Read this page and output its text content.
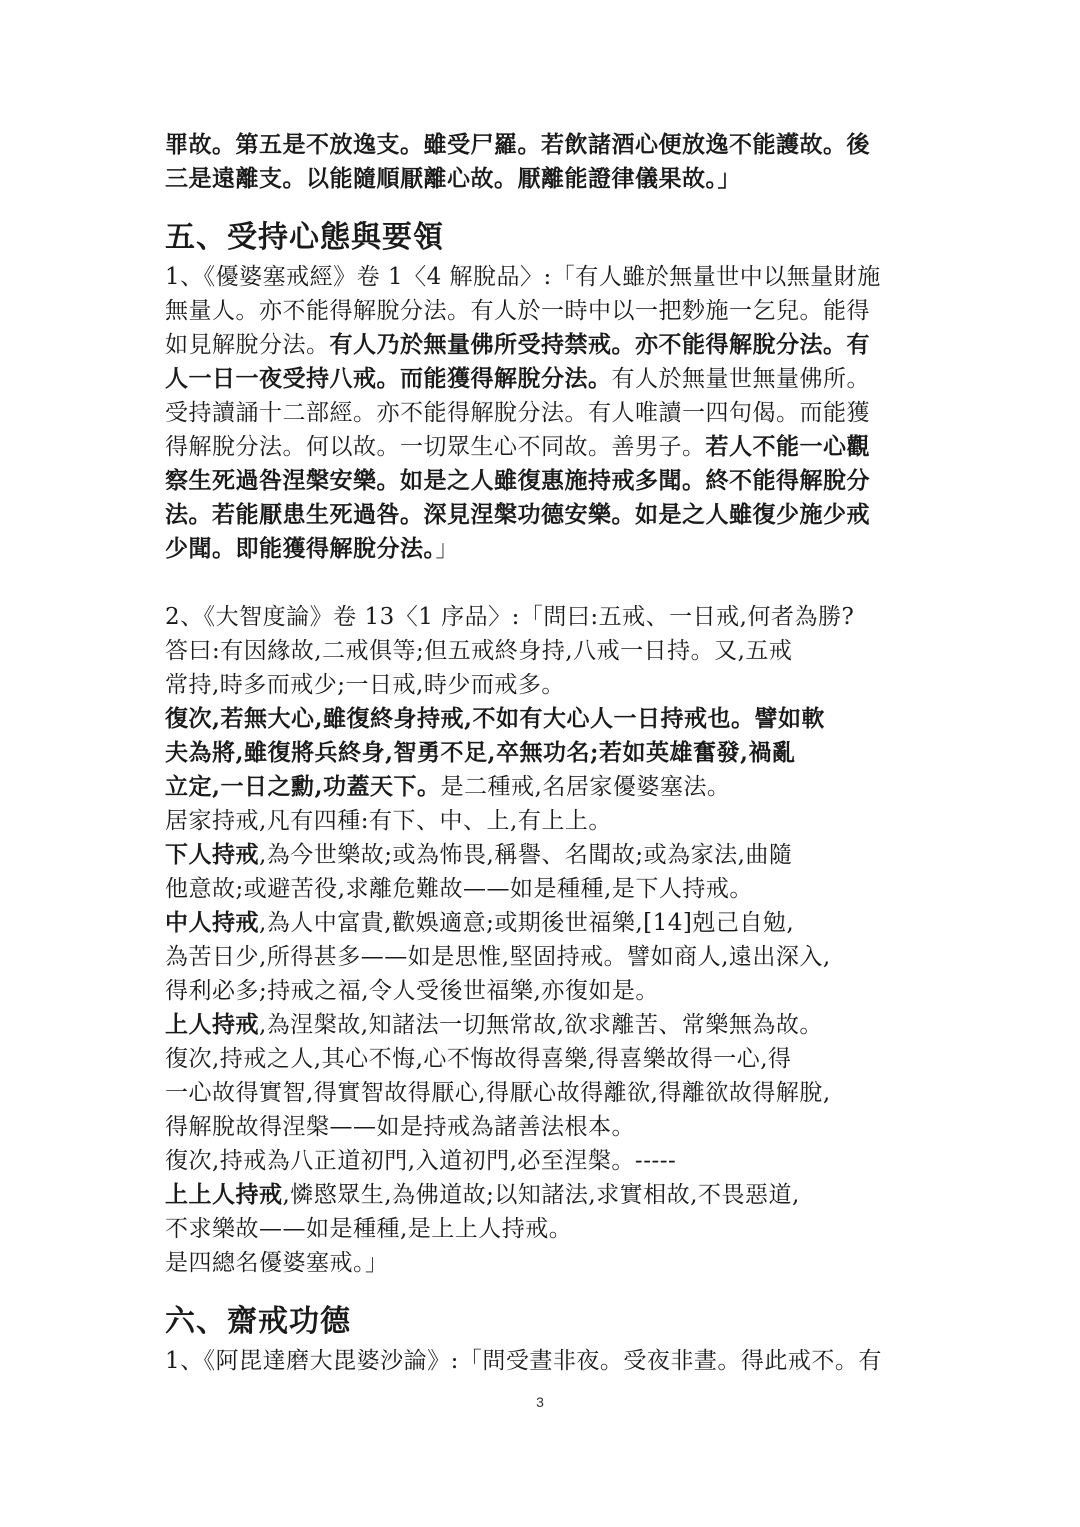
罪故。第五是不放逸支。雖受尸羅。若飲諸酒心便放逸不能護故。後
三是遠離支。以能隨順厭離心故。厭離能證律儀果故。」
五、受持心態與要領
1、《優婆塞戒經》卷 1〈4 解脫品〉:「有人雖於無量世中以無量財施
無量人。亦不能得解脫分法。有人於一時中以一把麨施一乞兒。能得
如見解脫分法。有人乃於無量佛所受持禁戒。亦不能得解脫分法。有
人一日一夜受持八戒。而能獲得解脫分法。有人於無量世無量佛所。
受持讀誦十二部經。亦不能得解脫分法。有人唯讀一四句偈。而能獲
得解脫分法。何以故。一切眾生心不同故。善男子。若人不能一心觀
察生死過咎涅槃安樂。如是之人雖復惠施持戒多聞。終不能得解脫分
法。若能厭患生死過咎。深見涅槃功德安樂。如是之人雖復少施少戒
少聞。即能獲得解脫分法。」
2、《大智度論》卷 13〈1 序品〉:「問曰:五戒、一日戒,何者為勝?
答曰:有因緣故,二戒俱等;但五戒終身持,八戒一日持。又,五戒
常持,時多而戒少;一日戒,時少而戒多。
復次,若無大心,雖復終身持戒,不如有大心人一日持戒也。譬如軟
夫為將,雖復將兵終身,智勇不足,卒無功名;若如英雄奮發,禍亂
立定,一日之勳,功蓋天下。是二種戒,名居家優婆塞法。
居家持戒,凡有四種:有下、中、上,有上上。
下人持戒,為今世樂故;或為怖畏,稱譽、名聞故;或為家法,曲隨
他意故;或避苦役,求離危難故——如是種種,是下人持戒。
中人持戒,為人中富貴,歡娛適意;或期後世福樂,[14]剋己自勉,
為苦日少,所得甚多——如是思惟,堅固持戒。譬如商人,遠出深入,
得利必多;持戒之福,令人受後世福樂,亦復如是。
上人持戒,為涅槃故,知諸法一切無常故,欲求離苦、常樂無為故。
復次,持戒之人,其心不悔,心不悔故得喜樂,得喜樂故得一心,得
一心故得實智,得實智故得厭心,得厭心故得離欲,得離欲故得解脫,
得解脫故得涅槃——如是持戒為諸善法根本。
復次,持戒為八正道初門,入道初門,必至涅槃。-----
上上人持戒,憐愍眾生,為佛道故;以知諸法,求實相故,不畏惡道,
不求樂故——如是種種,是上上人持戒。
是四總名優婆塞戒。」
六、齋戒功德
1、《阿毘達磨大毘婆沙論》:「問受晝非夜。受夜非晝。得此戒不。有
3
